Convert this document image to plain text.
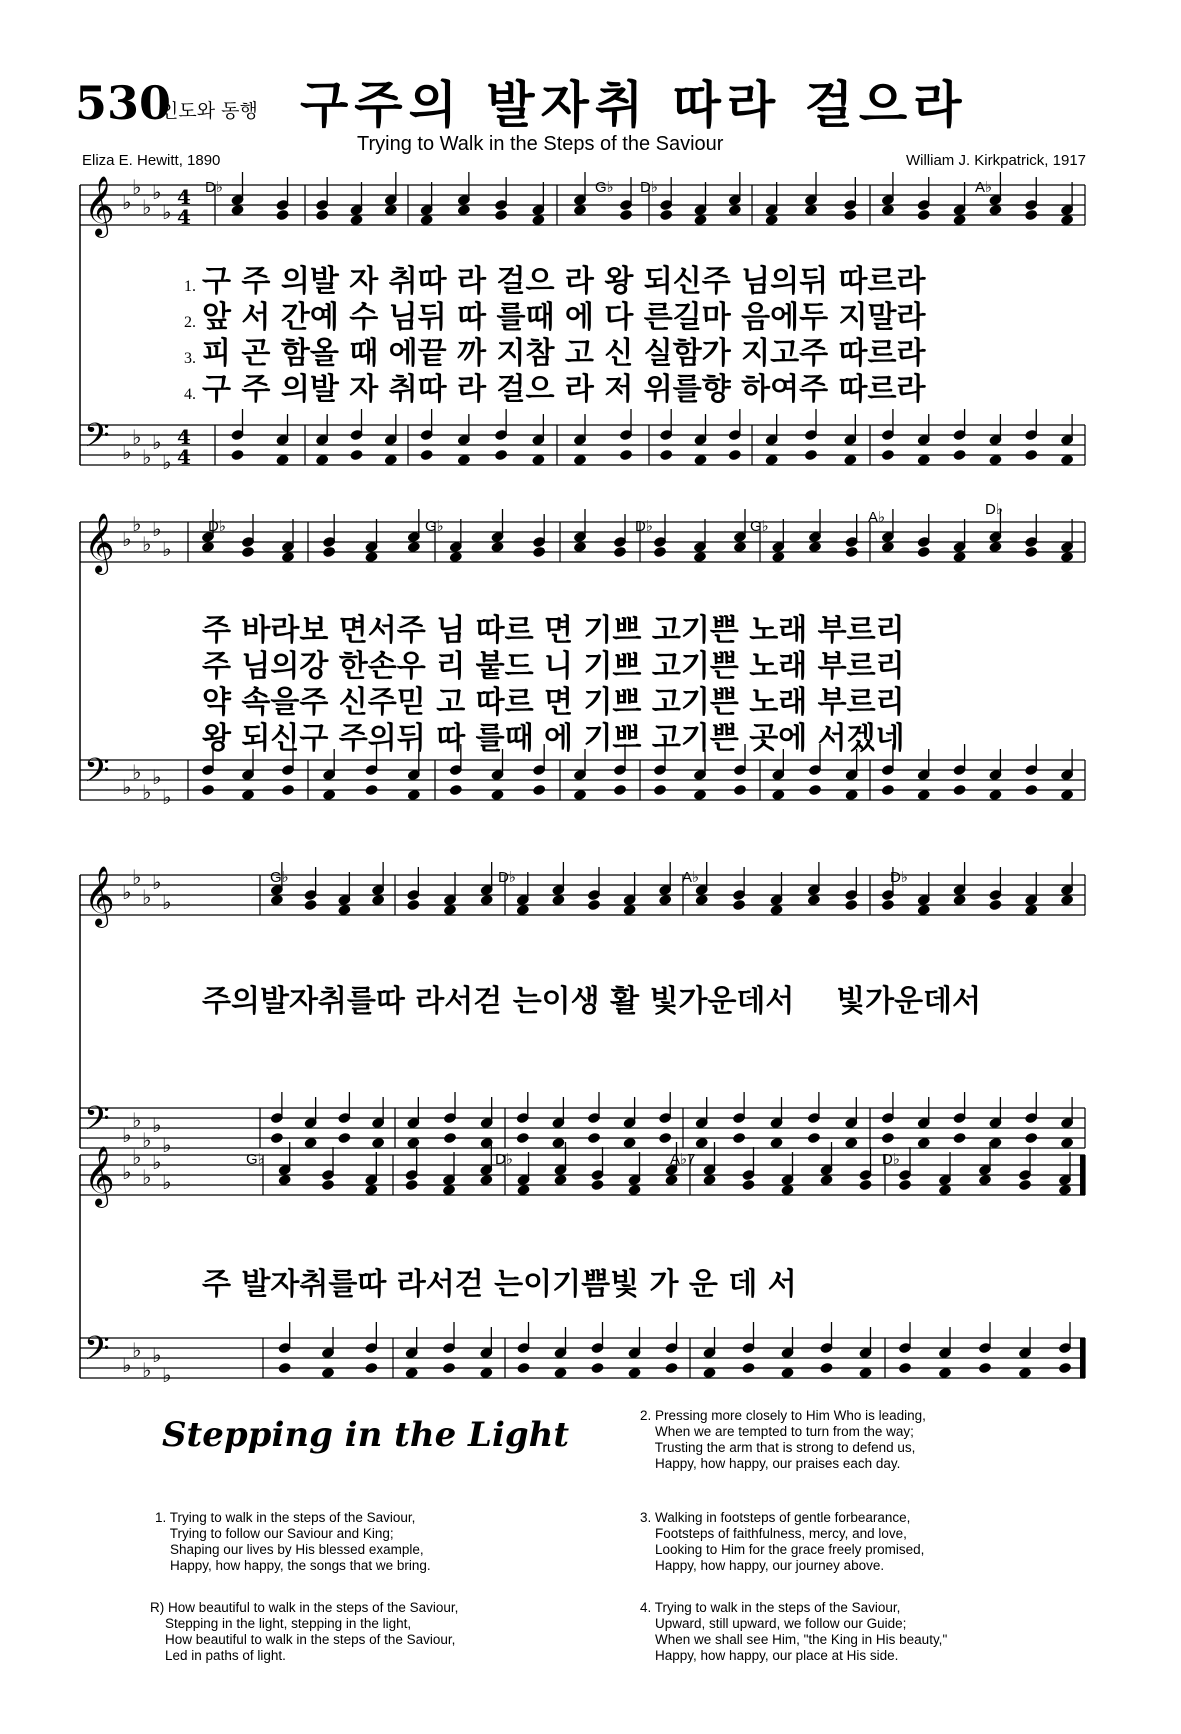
530
인도와 동행 구주의 발자취 따라 걸으라
Trying to Walk in the Steps of the Saviour
Eliza E. Hewitt, 1890	William J. Kirkpatrick, 1917
𝄞 ♭
♭
♭
♭
♭
4
4
𝄢 ♭
♭
♭
♭
♭
4
4
𝄞 ♭
♭
♭
♭
♭
𝄢 ♭
♭
♭
♭
♭
𝄞 ♭
♭
♭
♭
♭
𝄢 ♭
♭
♭
♭
♭
𝄞 ♭
♭
♭
♭
♭
𝄢 ♭
♭
♭
♭
♭
D♭	G♭ D♭	A♭
1. 구 주 의발 자 취따 라 걸으 라 왕 되신주 님의뒤 따르라
2. 앞 서 간예 수 님뒤 따 를때 에 다 른길마 음에두 지말라
3. 피 곤 함올 때 에끝 까 지참 고 신 실함가 지고주 따르라
4. 구 주 의발 자 취따 라 걸으 라 저 위를향 하여주 따르라
D♭	G♭	D♭	G♭
A♭	D♭
주 바라보 면서주 님 따르 면 기쁘 고기쁜 노래 부르리
주 님의강 한손우 리 붙드 니 기쁘 고기쁜 노래 부르리
약 속을주 신주믿 고 따르 면 기쁘 고기쁜 노래 부르리
왕 되신구 주의뒤 따 를때 에 기쁘 고기쁜 곳에 서겠네
G♭	D♭	A♭	D♭
주의발자취를따 라서걷 는이생 활 빛가운데서    빛가운데서
G♭	D♭	A♭7	D♭
주 발자취를따 라서걷 는이기쁨빛 가 운 데 서
Stepping in the Light
1. Trying to walk in the steps of the Saviour,
Trying to follow our Saviour and King;
Shaping our lives by His blessed example,
Happy, how happy, the songs that we bring.
R) How beautiful to walk in the steps of the Saviour,
Stepping in the light, stepping in the light,
How beautiful to walk in the steps of the Saviour,
Led in paths of light.
2. Pressing more closely to Him Who is leading,
When we are tempted to turn from the way;
Trusting the arm that is strong to defend us,
Happy, how happy, our praises each day.
3. Walking in footsteps of gentle forbearance,
Footsteps of faithfulness, mercy, and love,
Looking to Him for the grace freely promised,
Happy, how happy, our journey above.
4. Trying to walk in the steps of the Saviour,
Upward, still upward, we follow our Guide;
When we shall see Him, "the King in His beauty,"
Happy, how happy, our place at His side.
